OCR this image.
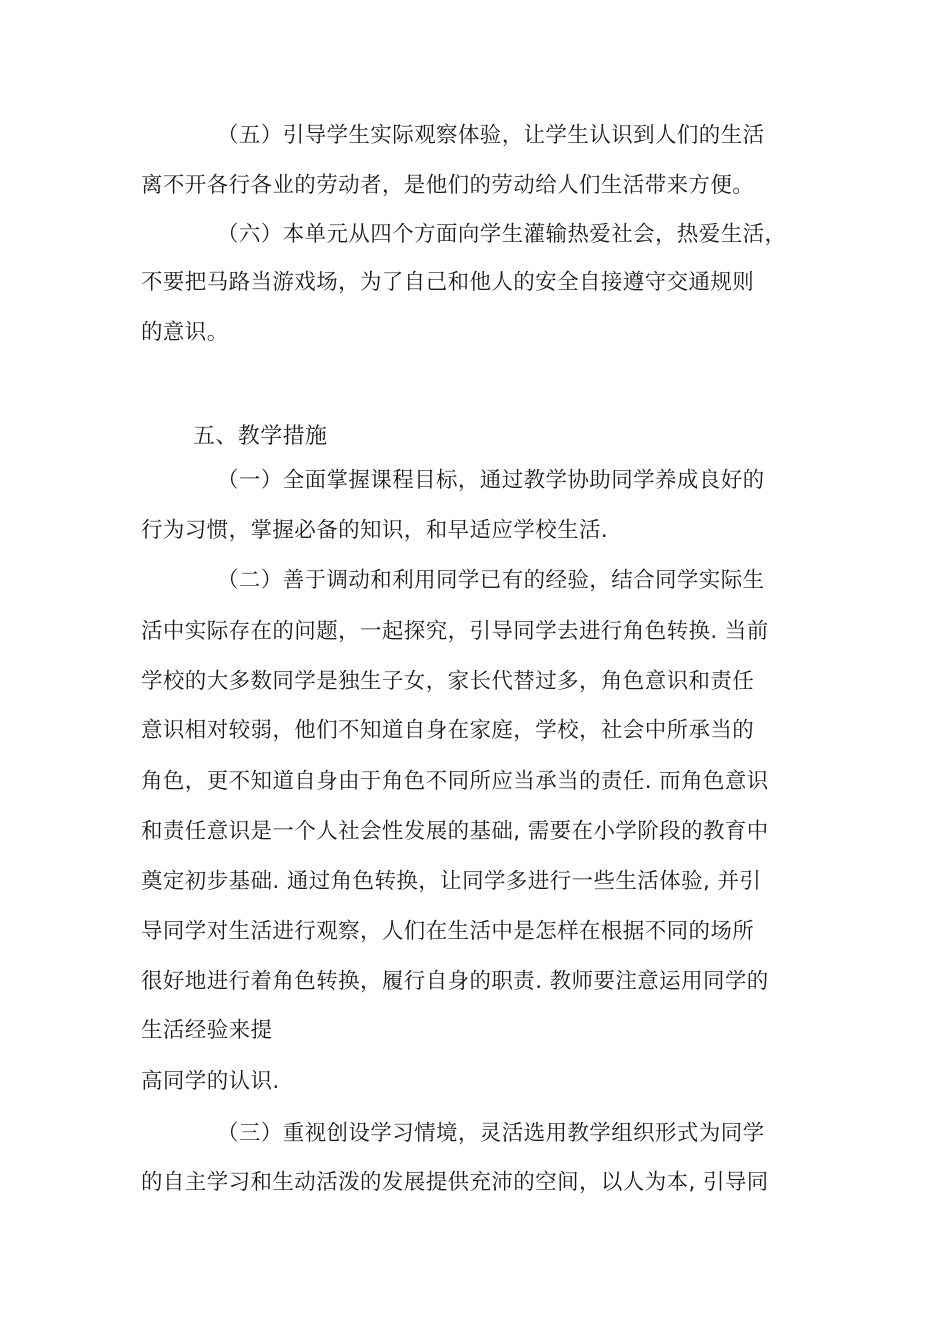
（五）引导学生实际观察体验，让学生认识到人们的生活
离不开各行各业的劳动者，是他们的劳动给人们生活带来方便。
（六）本单元从四个方面向学生灌输热爱社会，热爱生活，
不要把马路当游戏场，为了自己和他人的安全自接遵守交通规则
的意识。
五、教学措施
（一）全面掌握课程目标，通过教学协助同学养成良好的
行为习惯，掌握必备的知识，和早适应学校生活.
（二）善于调动和利用同学已有的经验，结合同学实际生
活中实际存在的问题，一起探究，引导同学去进行角色转换. 当前
学校的大多数同学是独生子女，家长代替过多，角色意识和责任
意识相对较弱，他们不知道自身在家庭，学校，社会中所承当的
角色，更不知道自身由于角色不同所应当承当的责任. 而角色意识
和责任意识是一个人社会性发展的基础, 需要在小学阶段的教育中
奠定初步基础. 通过角色转换，让同学多进行一些生活体验, 并引
导同学对生活进行观察，人们在生活中是怎样在根据不同的场所
很好地进行着角色转换，履行自身的职责. 教师要注意运用同学的
生活经验来提
高同学的认识.
（三）重视创设学习情境，灵活选用教学组织形式为同学
的自主学习和生动活泼的发展提供充沛的空间，以人为本, 引导同
